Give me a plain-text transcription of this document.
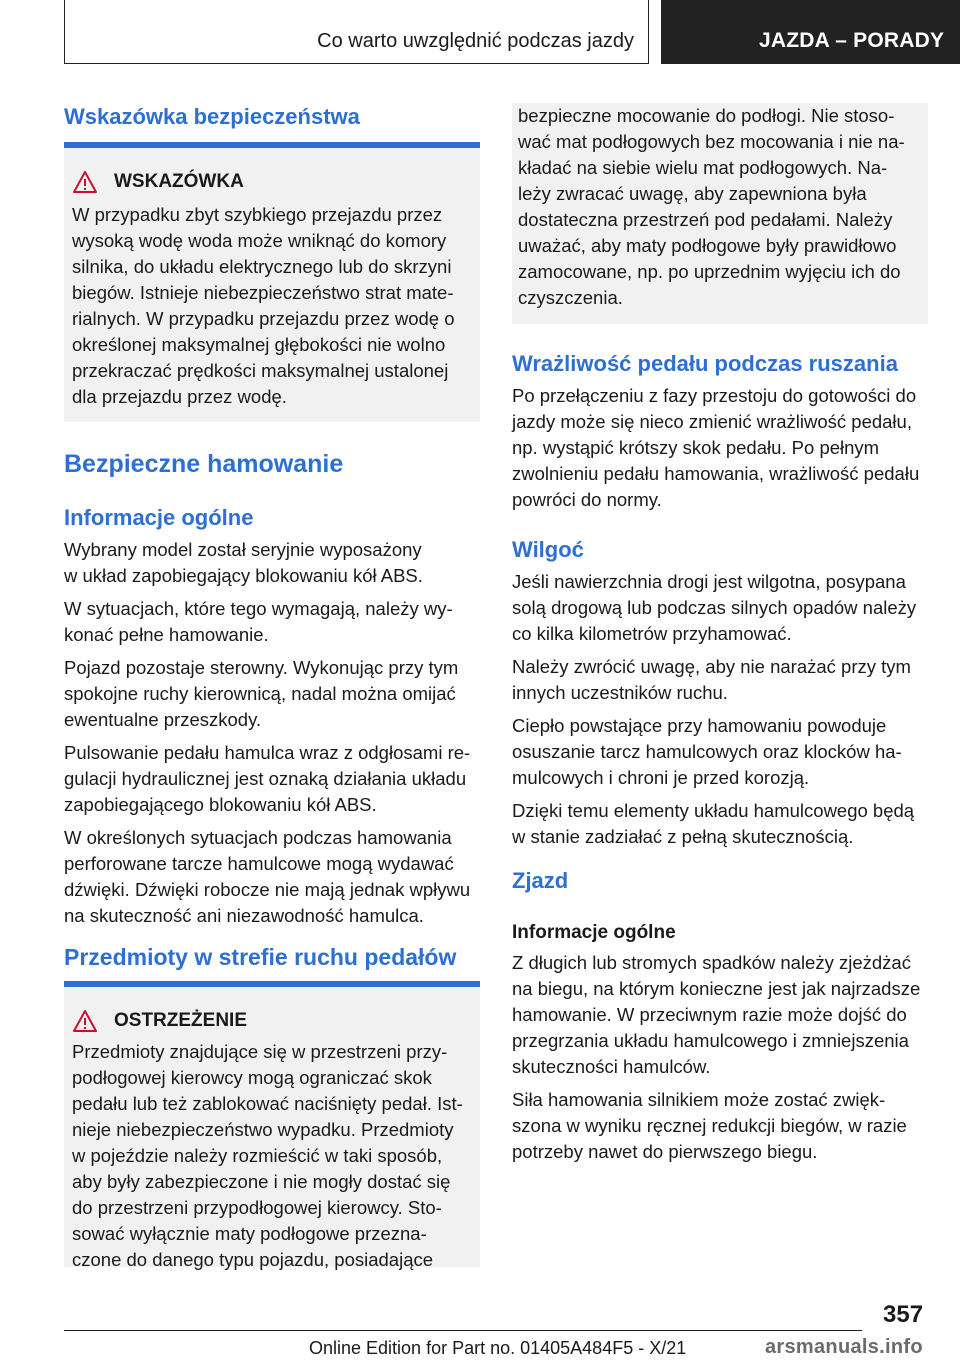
Co warto uwzględnić podczas jazdy	JAZDA – PORADY
Wskazówka bezpieczeństwa
WSKAZÓWKA

W przypadku zbyt szybkiego przejazdu przez

wysoką wodę woda może wniknąć do komory

silnika, do układu elektrycznego lub do skrzyni

biegów. Istnieje niebezpieczeństwo strat mate-

rialnych. W przypadku przejazdu przez wodę o

określonej maksymalnej głębokości nie wolno

przekraczać prędkości maksymalnej ustalonej

dla przejazdu przez wodę.

Bezpieczne hamowanie
Informacje ogólne

Wybrany model został seryjnie wyposażony

w układ zapobiegający blokowaniu kół ABS.

W sytuacjach, które tego wymagają, należy wy-

konać pełne hamowanie.

Pojazd pozostaje sterowny. Wykonując przy tym

spokojne ruchy kierownicą, nadal można omijać

ewentualne przeszkody.

Pulsowanie pedału hamulca wraz z odgłosami re-

gulacji hydraulicznej jest oznaką działania układu

zapobiegającego blokowaniu kół ABS.

W określonych sytuacjach podczas hamowania

perforowane tarcze hamulcowe mogą wydawać

dźwięki. Dźwięki robocze nie mają jednak wpływu

na skuteczność ani niezawodność hamulca.

Przedmioty w strefie ruchu pedałów
OSTRZEŻENIE

Przedmioty znajdujące się w przestrzeni przy-

podłogowej kierowcy mogą ograniczać skok

pedału lub też zablokować naciśnięty pedał. Ist-

nieje niebezpieczeństwo wypadku. Przedmioty

w pojeździe należy rozmieścić w taki sposób,

aby były zabezpieczone i nie mogły dostać się

do przestrzeni przypodłogowej kierowcy. Sto-

sować wyłącznie maty podłogowe przezna-

czone do danego typu pojazdu, posiadające

bezpieczne mocowanie do podłogi. Nie stoso-

wać mat podłogowych bez mocowania i nie na-

kładać na siebie wielu mat podłogowych. Na-

leży zwracać uwagę, aby zapewniona była

dostateczna przestrzeń pod pedałami. Należy

uważać, aby maty podłogowe były prawidłowo

zamocowane, np. po uprzednim wyjęciu ich do

czyszczenia.

Wrażliwość pedału podczas ruszania

Po przełączeniu z fazy przestoju do gotowości do

jazdy może się nieco zmienić wrażliwość pedału,

np. wystąpić krótszy skok pedału. Po pełnym

zwolnieniu pedału hamowania, wrażliwość pedału

powróci do normy.

Wilgoć

Jeśli nawierzchnia drogi jest wilgotna, posypana

solą drogową lub podczas silnych opadów należy

co kilka kilometrów przyhamować.

Należy zwrócić uwagę, aby nie narażać przy tym

innych uczestników ruchu.

Ciepło powstające przy hamowaniu powoduje

osuszanie tarcz hamulcowych oraz klocków ha-

mulcowych i chroni je przed korozją.

Dzięki temu elementy układu hamulcowego będą

w stanie zadziałać z pełną skutecznością.

Zjazd
Informacje ogólne

Z długich lub stromych spadków należy zjeżdżać

na biegu, na którym konieczne jest jak najrzadsze

hamowanie. W przeciwnym razie może dojść do

przegrzania układu hamulcowego i zmniejszenia

skuteczności hamulców.

Siła hamowania silnikiem może zostać zwięk-

szona w wyniku ręcznej redukcji biegów, w razie

potrzeby nawet do pierwszego biegu.

357
Online Edition for Part no. 01405A484F5 - X/21	arsmanuals.info
